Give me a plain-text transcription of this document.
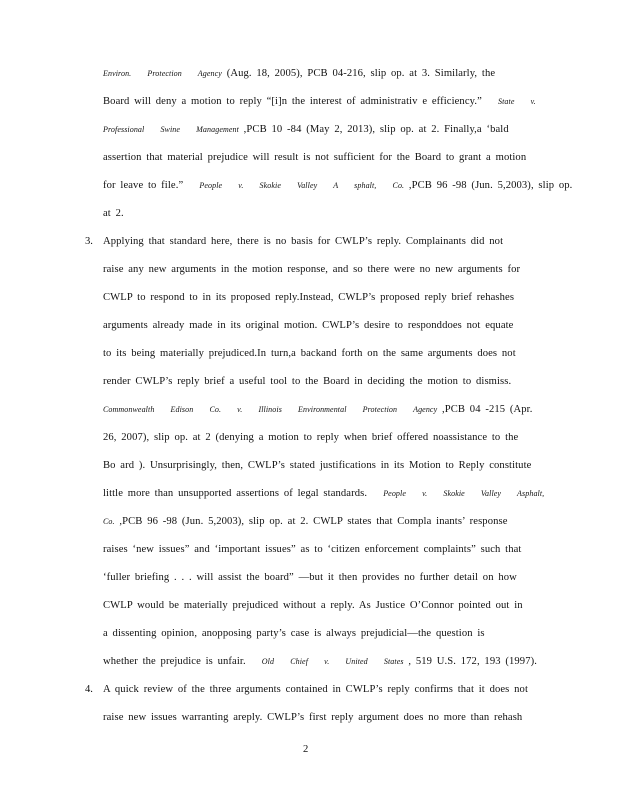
Environ. Protection Agency (Aug. 18, 2005), PCB 04-216, slip op. at 3. Similarly, the
Board will deny a motion to reply “[i]n the interest of administrativ e efficiency.” State v.
Professional Swine Management ,PCB 10 -84 (May 2, 2013), slip op. at 2. Finally,a ‘bald
assertion that material prejudice will result is not sufficient for the Board to grant a motion
for leave to file.” People v. Skokie Valley A sphalt, Co. ,PCB 96 -98 (Jun. 5,2003), slip op.
at 2.
3. Applying that standard here, there is no basis for CWLP’s reply. Complainants did not
raise any new arguments in the motion response, and so there were no new arguments for
CWLP to respond to in its proposed reply.Instead, CWLP’s proposed reply brief rehashes
arguments already made in its original motion. CWLP’s desire to responddoes not equate
to its being materially prejudiced.In turn,a backand forth on the same arguments does not
render CWLP’s reply brief a useful tool to the Board in deciding the motion to dismiss.
Commonwealth Edison Co. v. Illinois Environmental Protection Agency ,PCB 04 -215 (Apr.
26, 2007), slip op. at 2 (denying a motion to reply when brief offered noassistance to the
Bo ard ). Unsurprisingly, then, CWLP’s stated justifications in its Motion to Reply constitute
little more than unsupported assertions of legal standards. People v. Skokie Valley Asphalt,
Co. ,PCB 96 -98 (Jun. 5,2003), slip op. at 2. CWLP states that Compla inants’ response
raises ‘new issues” and ‘important issues” as to ‘citizen enforcement complaints” such that
‘fuller briefing . . . will assist the board” —but it then provides no further detail on how
CWLP would be materially prejudiced without a reply. As Justice O’Connor pointed out in
a dissenting opinion, anopposing party’s case is always prejudicial—the question is
whether the prejudice is unfair. Old Chief v. United States , 519 U.S. 172, 193 (1997).
4. A quick review of the three arguments contained in CWLP’s reply confirms that it does not
raise new issues warranting areply. CWLP’s first reply argument does no more than rehash
2
